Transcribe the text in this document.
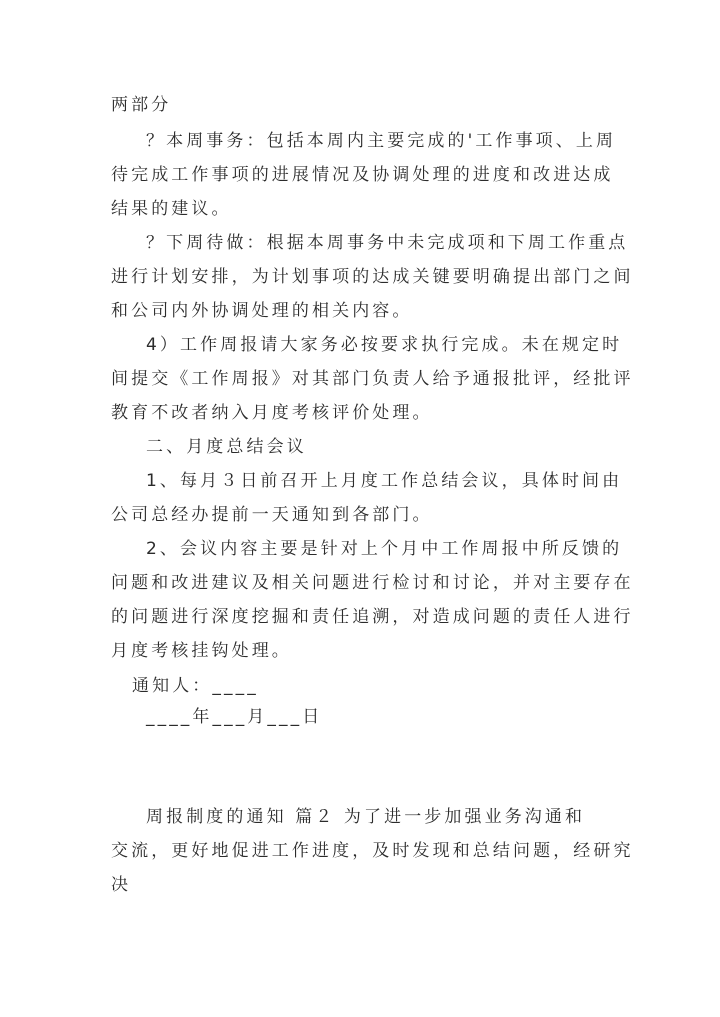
两部分
？本周事务：包括本周内主要完成的'工作事项、上周
待完成工作事项的进展情况及协调处理的进度和改进达成
结果的建议。
？下周待做：根据本周事务中未完成项和下周工作重点
进行计划安排，为计划事项的达成关键要明确提出部门之间
和公司内外协调处理的相关内容。
4）工作周报请大家务必按要求执行完成。未在规定时
间提交《工作周报》对其部门负责人给予通报批评，经批评
教育不改者纳入月度考核评价处理。
二、月度总结会议
1、每月３日前召开上月度工作总结会议，具体时间由
公司总经办提前一天通知到各部门。
2、会议内容主要是针对上个月中工作周报中所反馈的
问题和改进建议及相关问题进行检讨和讨论，并对主要存在
的问题进行深度挖掘和责任追溯，对造成问题的责任人进行
月度考核挂钩处理。
通知人：____
____年___月___日
周报制度的通知 篇２ 为了进一步加强业务沟通和
交流，更好地促进工作进度，及时发现和总结问题，经研究
决
